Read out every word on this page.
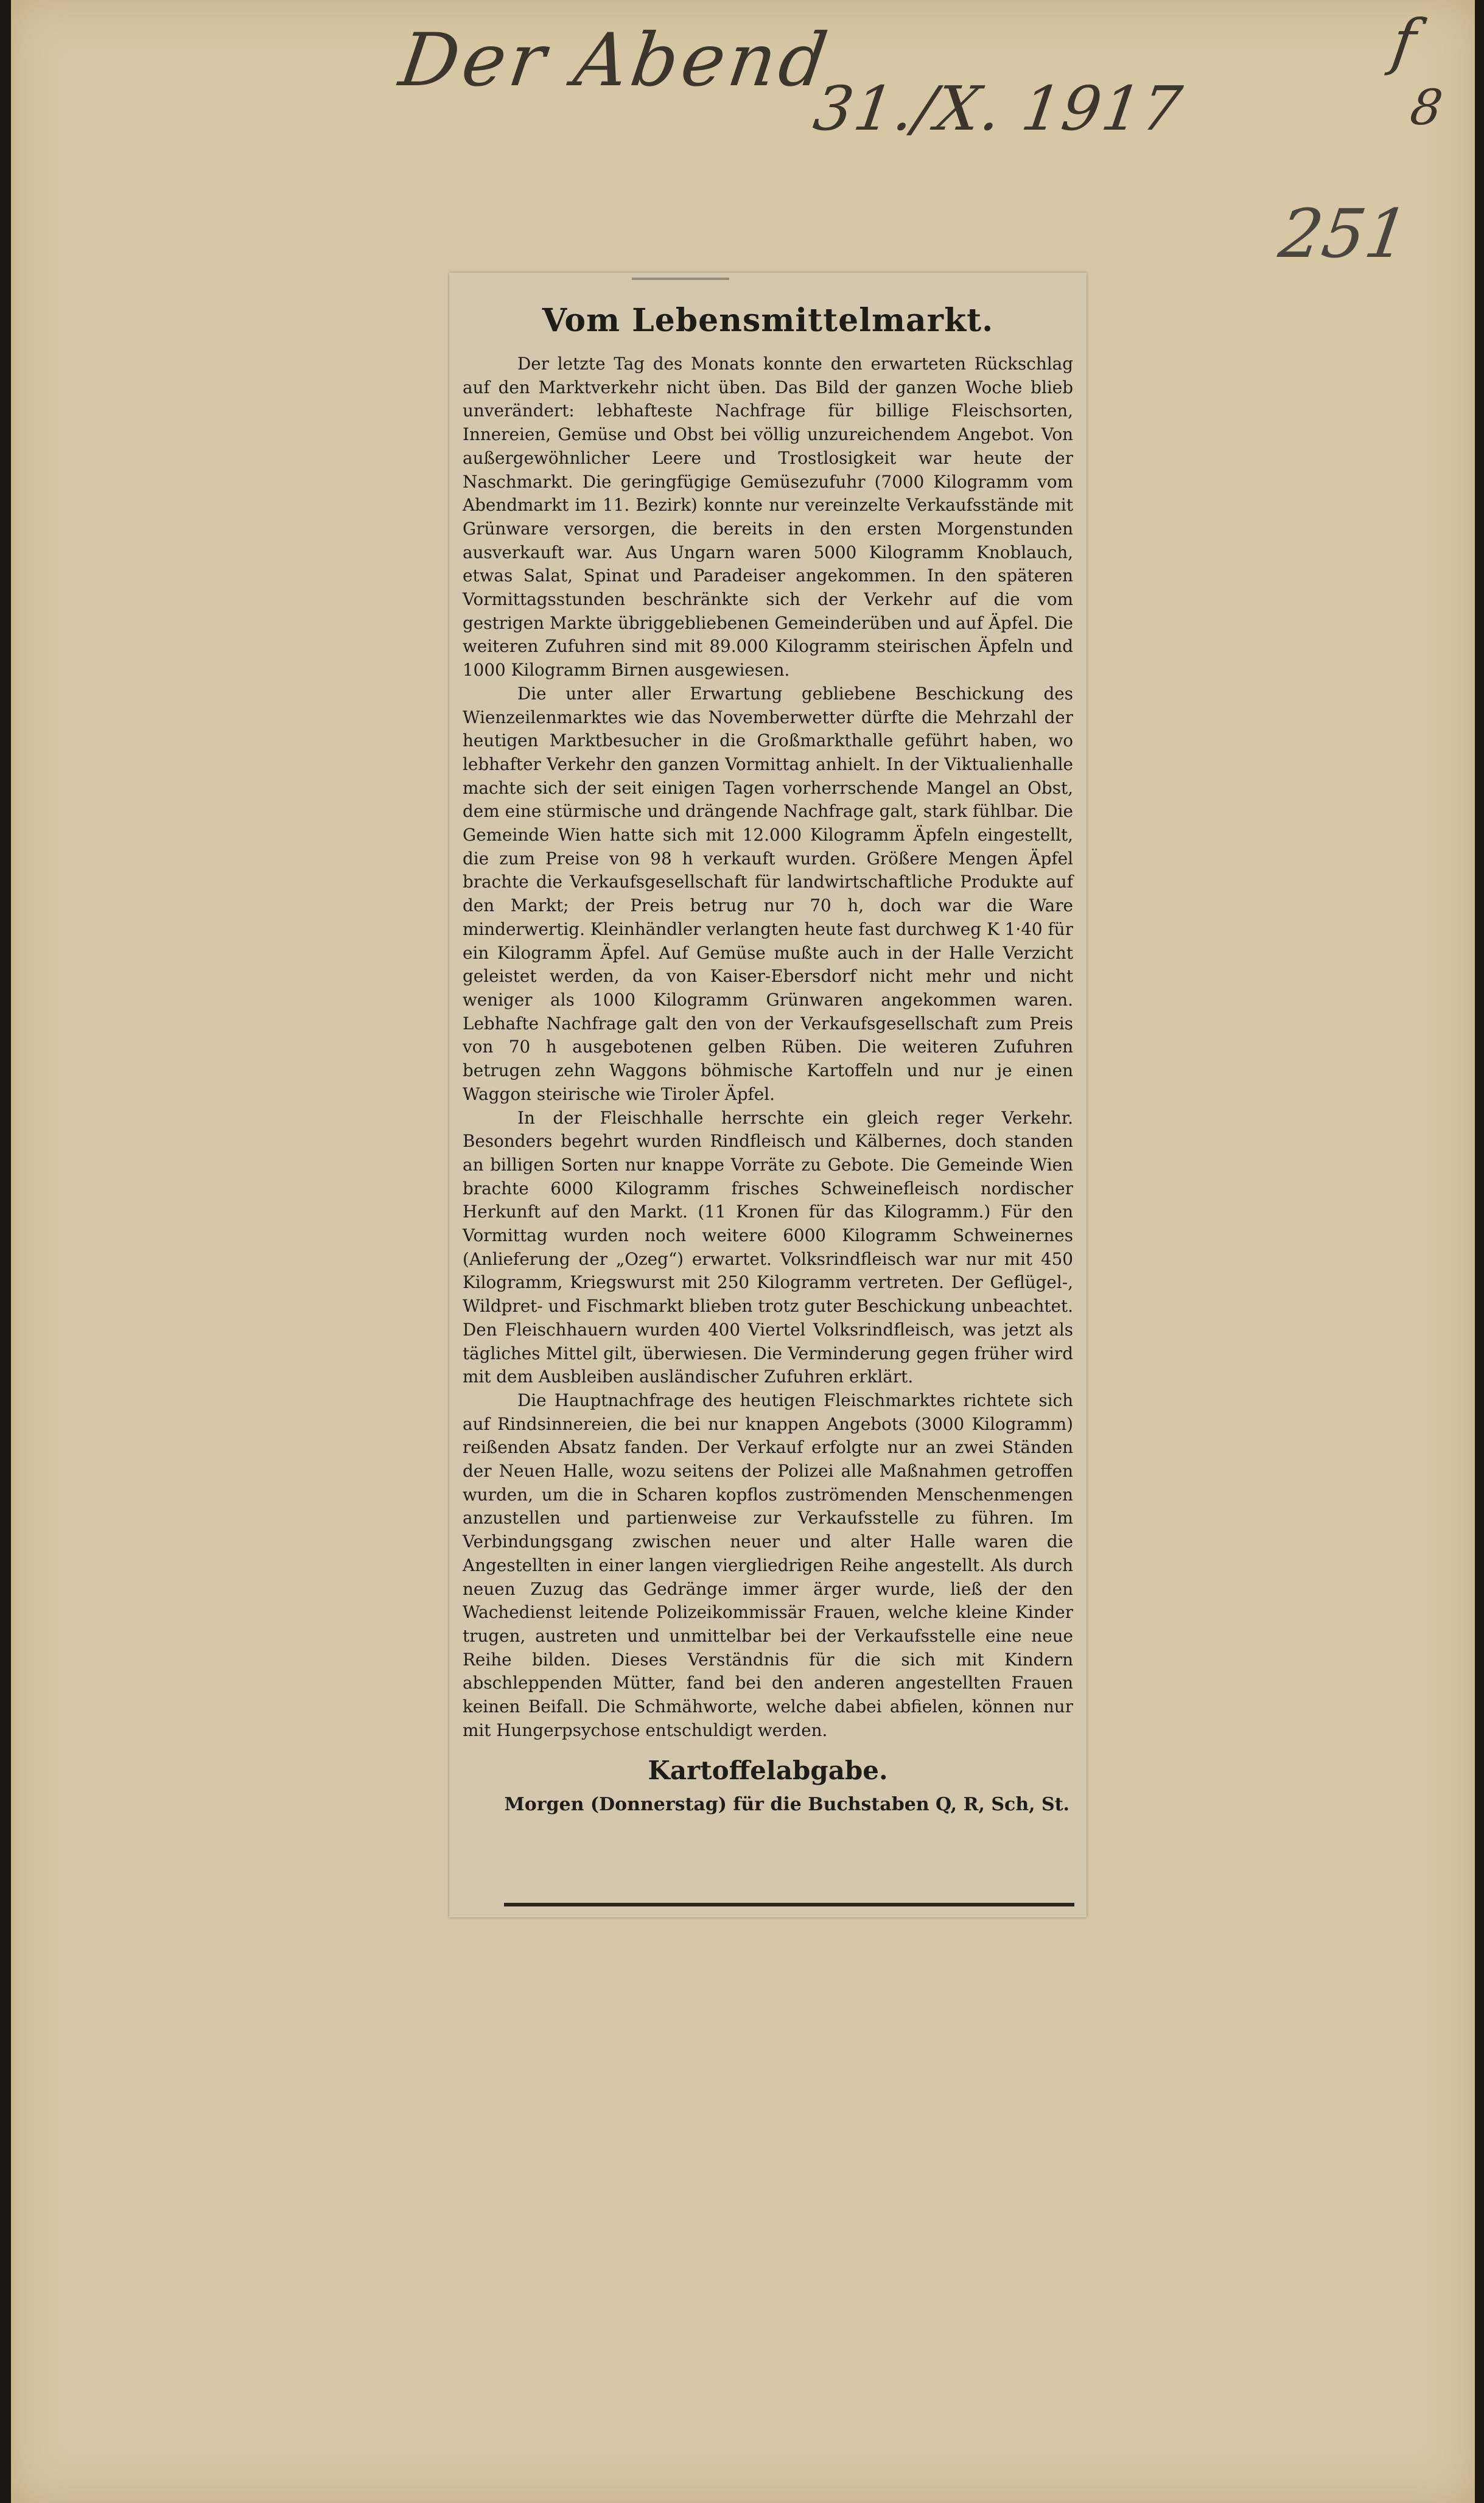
Der Abend
31./X. 1917
251
f
8
Vom Lebensmittelmarkt.

Der letzte Tag des Monats konnte den erwarteten Rückschlag auf den Marktverkehr nicht üben. Das Bild der ganzen Woche blieb unverändert: lebhafteste Nachfrage für billige Fleischsorten, Innereien, Gemüse und Obst bei völlig unzureichendem Angebot. Von außergewöhnlicher Leere und Trostlosigkeit war heute der Naschmarkt. Die geringfügige Gemüsezufuhr (7000 Kilogramm vom Abendmarkt im 11. Bezirk) konnte nur vereinzelte Verkaufsstände mit Grünware versorgen, die bereits in den ersten Morgenstunden ausverkauft war. Aus Ungarn waren 5000 Kilogramm Knoblauch, etwas Salat, Spinat und Paradeiser angekommen. In den späteren Vormittagsstunden beschränkte sich der Verkehr auf die vom gestrigen Markte übriggebliebenen Gemeinderüben und auf Äpfel. Die weiteren Zufuhren sind mit 89.000 Kilogramm steirischen Äpfeln und 1000 Kilogramm Birnen ausgewiesen.

Die unter aller Erwartung gebliebene Beschickung des Wienzeilenmarktes wie das Novemberwetter dürfte die Mehrzahl der heutigen Marktbesucher in die Großmarkthalle geführt haben, wo lebhafter Verkehr den ganzen Vormittag anhielt. In der Viktualienhalle machte sich der seit einigen Tagen vorherrschende Mangel an Obst, dem eine stürmische und drängende Nachfrage galt, stark fühlbar. Die Gemeinde Wien hatte sich mit 12.000 Kilogramm Äpfeln eingestellt, die zum Preise von 98 h verkauft wurden. Größere Mengen Äpfel brachte die Verkaufsgesellschaft für landwirtschaftliche Produkte auf den Markt; der Preis betrug nur 70 h, doch war die Ware minderwertig. Kleinhändler verlangten heute fast durchweg K 1·40 für ein Kilogramm Äpfel. Auf Gemüse mußte auch in der Halle Verzicht geleistet werden, da von Kaiser-Ebersdorf nicht mehr und nicht weniger als 1000 Kilogramm Grünwaren angekommen waren. Lebhafte Nachfrage galt den von der Verkaufsgesellschaft zum Preis von 70 h ausgebotenen gelben Rüben. Die weiteren Zufuhren betrugen zehn Waggons böhmische Kartoffeln und nur je einen Waggon steirische wie Tiroler Äpfel.

In der Fleischhalle herrschte ein gleich reger Verkehr. Besonders begehrt wurden Rindfleisch und Kälbernes, doch standen an billigen Sorten nur knappe Vorräte zu Gebote. Die Gemeinde Wien brachte 6000 Kilogramm frisches Schweinefleisch nordischer Herkunft auf den Markt. (11 Kronen für das Kilogramm.) Für den Vormittag wurden noch weitere 6000 Kilogramm Schweinernes (Anlieferung der „Ozeg“) erwartet. Volksrindfleisch war nur mit 450 Kilogramm, Kriegswurst mit 250 Kilogramm vertreten. Der Geflügel-, Wildpret- und Fischmarkt blieben trotz guter Beschickung unbeachtet. Den Fleischhauern wurden 400 Viertel Volksrindfleisch, was jetzt als tägliches Mittel gilt, überwiesen. Die Verminderung gegen früher wird mit dem Ausbleiben ausländischer Zufuhren erklärt.

Die Hauptnachfrage des heutigen Fleischmarktes richtete sich auf Rindsinnereien, die bei nur knappen Angebots (3000 Kilogramm) reißenden Absatz fanden. Der Verkauf erfolgte nur an zwei Ständen der Neuen Halle, wozu seitens der Polizei alle Maßnahmen getroffen wurden, um die in Scharen kopflos zuströmenden Menschenmengen anzustellen und partienweise zur Verkaufsstelle zu führen. Im Verbindungsgang zwischen neuer und alter Halle waren die Angestellten in einer langen viergliedrigen Reihe angestellt. Als durch neuen Zuzug das Gedränge immer ärger wurde, ließ der den Wachedienst leitende Polizeikommissär Frauen, welche kleine Kinder trugen, austreten und unmittelbar bei der Verkaufsstelle eine neue Reihe bilden. Dieses Verständnis für die sich mit Kindern abschleppenden Mütter, fand bei den anderen angestellten Frauen keinen Beifall. Die Schmähworte, welche dabei abfielen, können nur mit Hungerpsychose entschuldigt werden.

Kartoffelabgabe.
Morgen (Donnerstag) für die Buchstaben Q, R, Sch, St.
